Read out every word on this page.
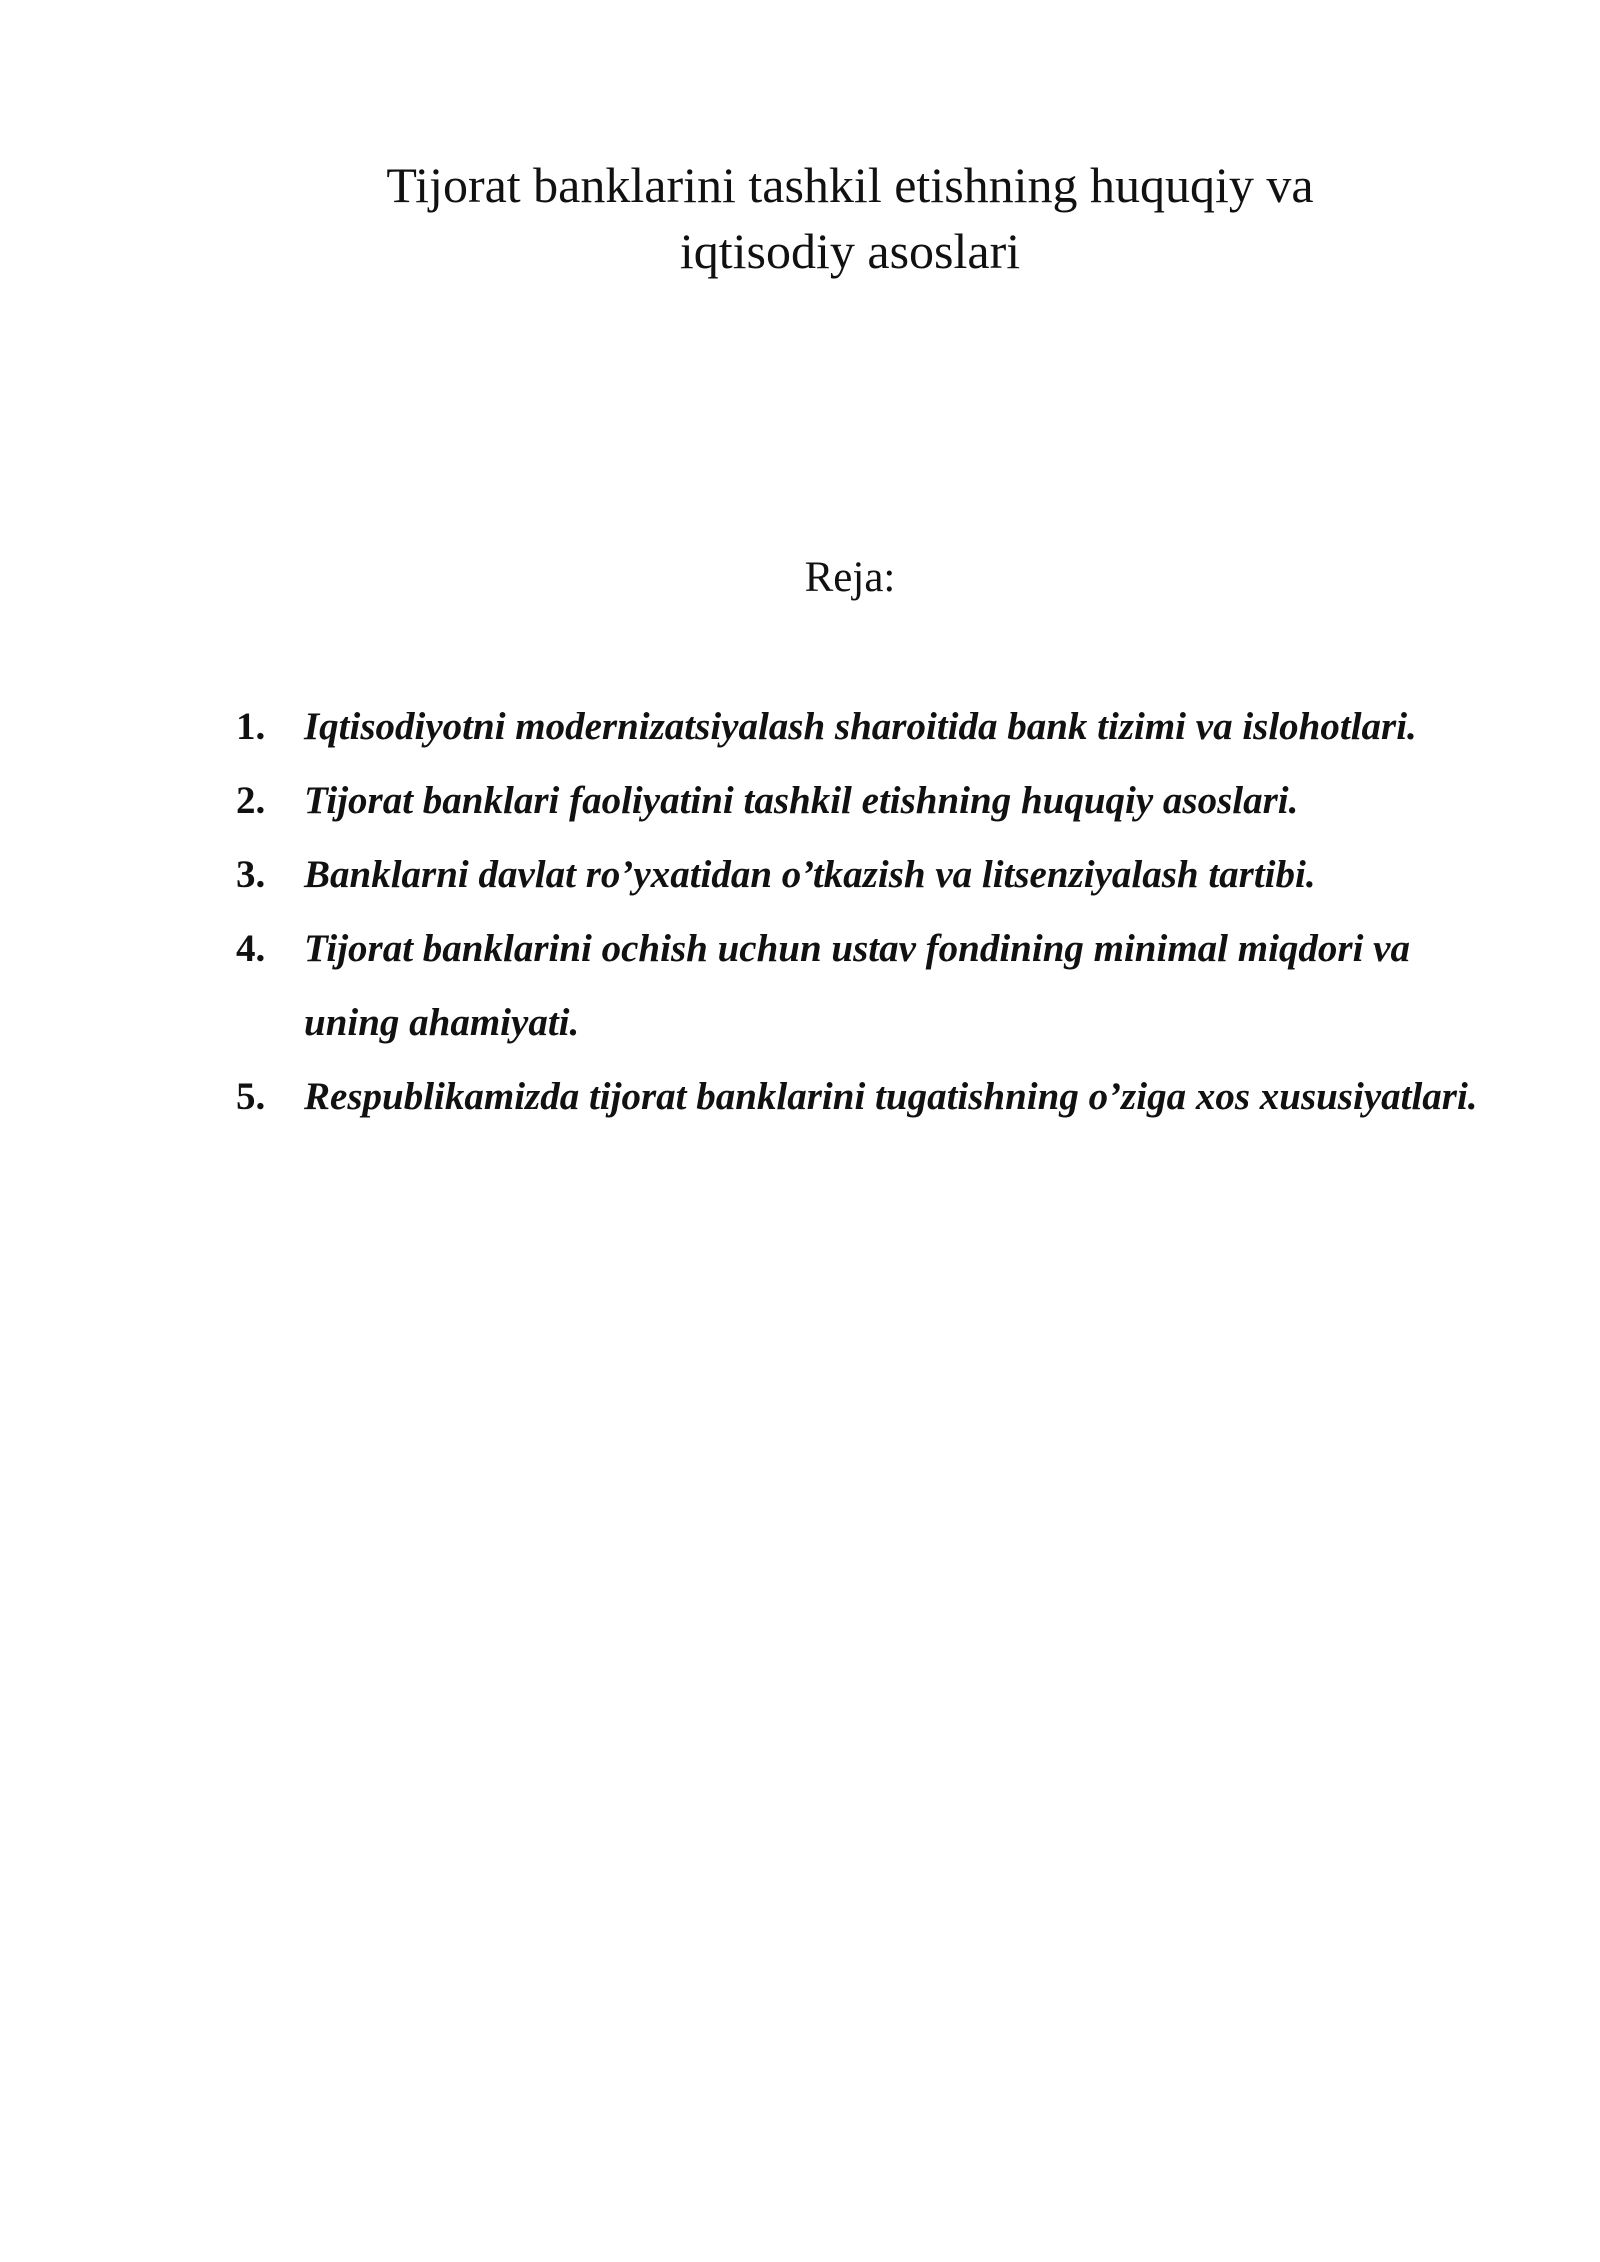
Tijorat banklarini tashkil etishning huquqiy va
iqtisodiy asoslari

Reja:

1. Iqtisodiyotni modernizatsiyalash sharoitida bank tizimi va islohotlari.
2. Tijorat banklari faoliyatini tashkil etishning huquqiy asoslari.
3. Banklarni davlat ro’yxatidan o’tkazish va litsenziyalash tartibi.
4. Tijorat banklarini ochish uchun ustav fondining minimal miqdori va uning ahamiyati.
5. Respublikamizda tijorat banklarini tugatishning o’ziga xos xususiyatlari.
